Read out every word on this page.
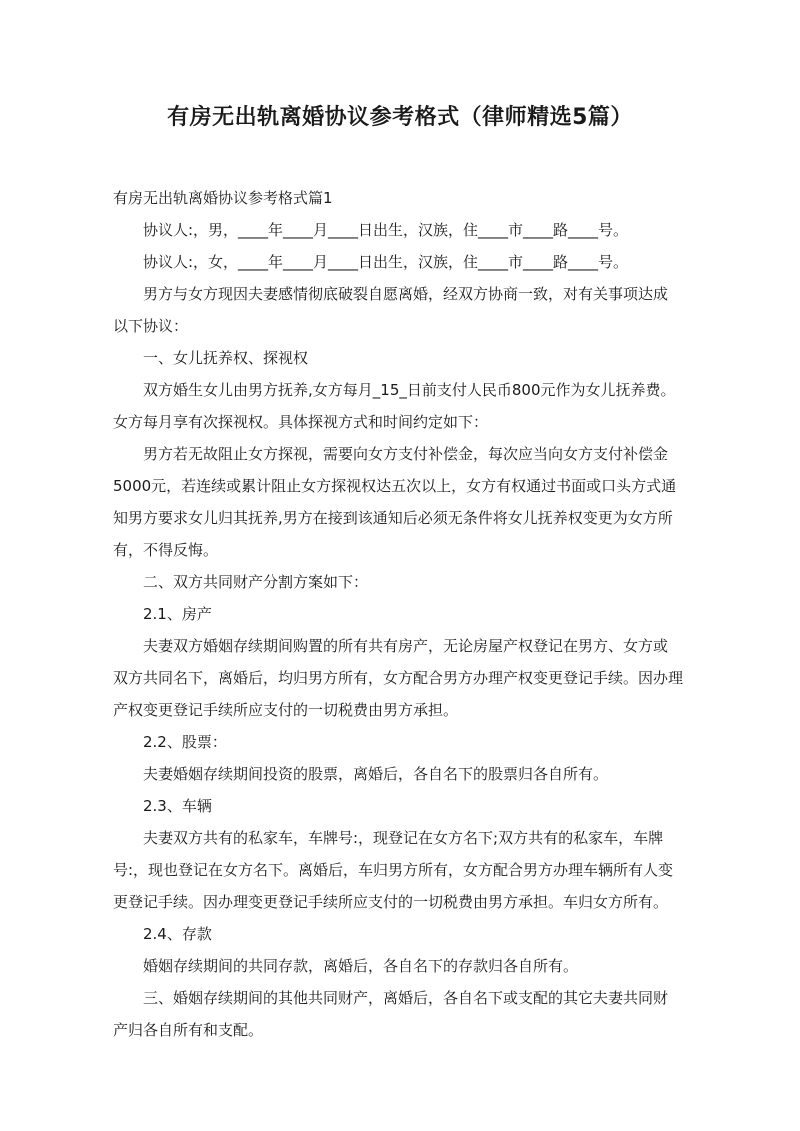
有房无出轨离婚协议参考格式（律师精选5篇）

有房无出轨离婚协议参考格式篇1

协议人:，男，____年____月____日出生，汉族，住____市____路____号。

协议人:，女，____年____月____日出生，汉族，住____市____路____号。

男方与女方现因夫妻感情彻底破裂自愿离婚，经双方协商一致，对有关事项达成

以下协议：

一、女儿抚养权、探视权

双方婚生女儿由男方抚养,女方每月_15_日前支付人民币800元作为女儿抚养费。

女方每月享有次探视权。具体探视方式和时间约定如下：

男方若无故阻止女方探视，需要向女方支付补偿金，每次应当向女方支付补偿金

5000元，若连续或累计阻止女方探视权达五次以上，女方有权通过书面或口头方式通

知男方要求女儿归其抚养,男方在接到该通知后必须无条件将女儿抚养权变更为女方所

有，不得反悔。

二、双方共同财产分割方案如下：

2.1、房产

夫妻双方婚姻存续期间购置的所有共有房产，无论房屋产权登记在男方、女方或

双方共同名下，离婚后，均归男方所有，女方配合男方办理产权变更登记手续。因办理

产权变更登记手续所应支付的一切税费由男方承担。

2.2、股票：

夫妻婚姻存续期间投资的股票，离婚后，各自名下的股票归各自所有。

2.3、车辆

夫妻双方共有的私家车，车牌号:，现登记在女方名下;双方共有的私家车，车牌

号:，现也登记在女方名下。离婚后，车归男方所有，女方配合男方办理车辆所有人变

更登记手续。因办理变更登记手续所应支付的一切税费由男方承担。车归女方所有。

2.4、存款

婚姻存续期间的共同存款，离婚后，各自名下的存款归各自所有。

三、婚姻存续期间的其他共同财产，离婚后，各自名下或支配的其它夫妻共同财

产归各自所有和支配。
